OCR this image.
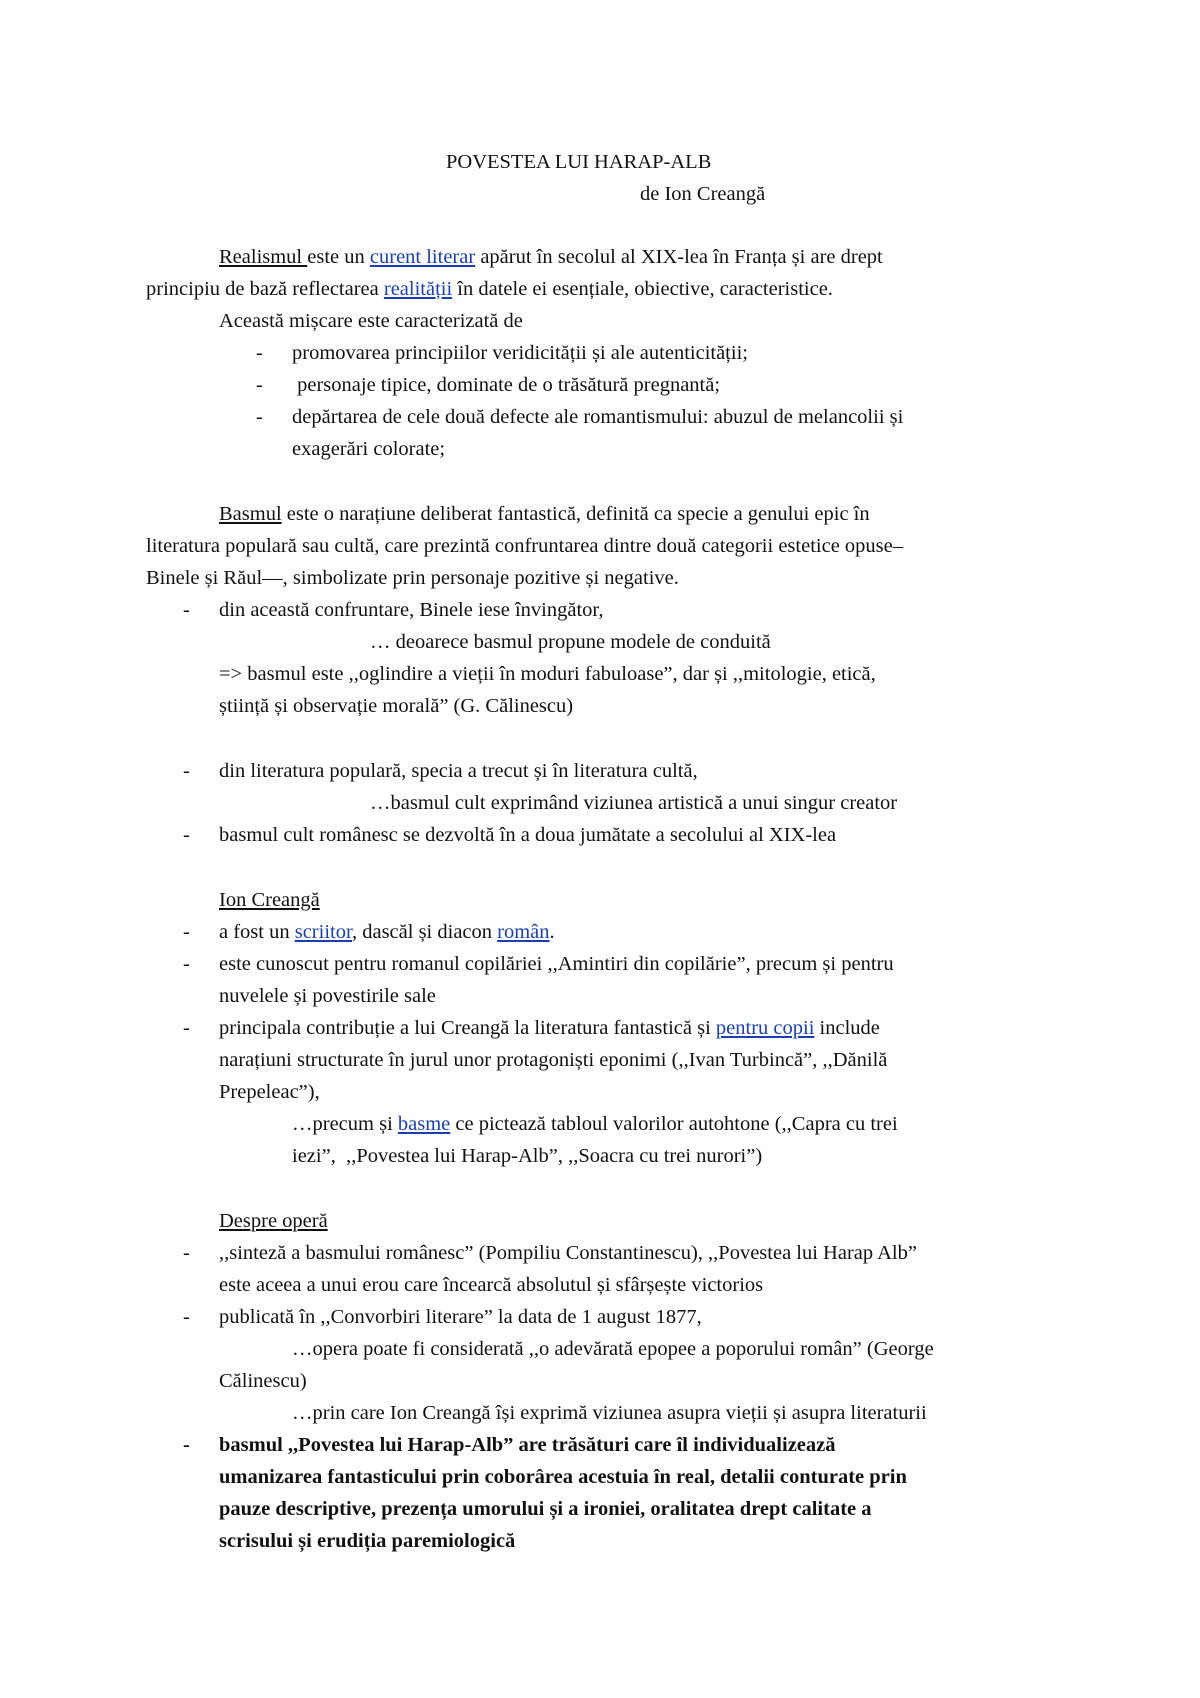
POVESTEA LUI HARAP-ALB
de Ion Creangă
Realismul este un curent literar apărut în secolul al XIX-lea în Franța și are drept
principiu de bază reflectarea realității în datele ei esențiale, obiective, caracteristice.
Această mișcare este caracterizată de
- promovarea principiilor veridicității și ale autenticității;
- personaje tipice, dominate de o trăsătură pregnantă;
- depărtarea de cele două defecte ale romantismului: abuzul de melancolii și
exagerări colorate;
Basmul este o narațiune deliberat fantastică, definită ca specie a genului epic în
literatura populară sau cultă, care prezintă confruntarea dintre două categorii estetice opuse–
Binele și Răul—, simbolizate prin personaje pozitive și negative.
- din această confruntare, Binele iese învingător,
… deoarece basmul propune modele de conduită
=> basmul este ,,oglindire a vieții în moduri fabuloase”, dar și ,,mitologie, etică,
știință și observație morală” (G. Călinescu)
- din literatura populară, specia a trecut și în literatura cultă,
…basmul cult exprimând viziunea artistică a unui singur creator
- basmul cult românesc se dezvoltă în a doua jumătate a secolului al XIX-lea
Ion Creangă
- a fost un scriitor, dascăl și diacon român.
- este cunoscut pentru romanul copilăriei ,,Amintiri din copilărie”, precum și pentru
nuvelele și povestirile sale
- principala contribuție a lui Creangă la literatura fantastică și pentru copii include
narațiuni structurate în jurul unor protagoniști eponimi (,,Ivan Turbincă”, ,,Dănilă
Prepeleac”),
…precum și basme ce pictează tabloul valorilor autohtone (,,Capra cu trei
iezi”,  ,,Povestea lui Harap-Alb”, ,,Soacra cu trei nurori”)
Despre operă
- ,,sinteză a basmului românesc” (Pompiliu Constantinescu), ,,Povestea lui Harap Alb”
este aceea a unui erou care încearcă absolutul și sfârșește victorios
- publicată în ,,Convorbiri literare” la data de 1 august 1877,
…opera poate fi considerată ,,o adevărată epopee a poporului român” (George
Călinescu)
…prin care Ion Creangă își exprimă viziunea asupra vieții și asupra literaturii
- basmul ,,Povestea lui Harap-Alb” are trăsături care îl individualizează
umanizarea fantasticului prin coborârea acestuia în real, detalii conturate prin
pauze descriptive, prezența umorului și a ironiei, oralitatea drept calitate a
scrisului și erudiția paremiologică
